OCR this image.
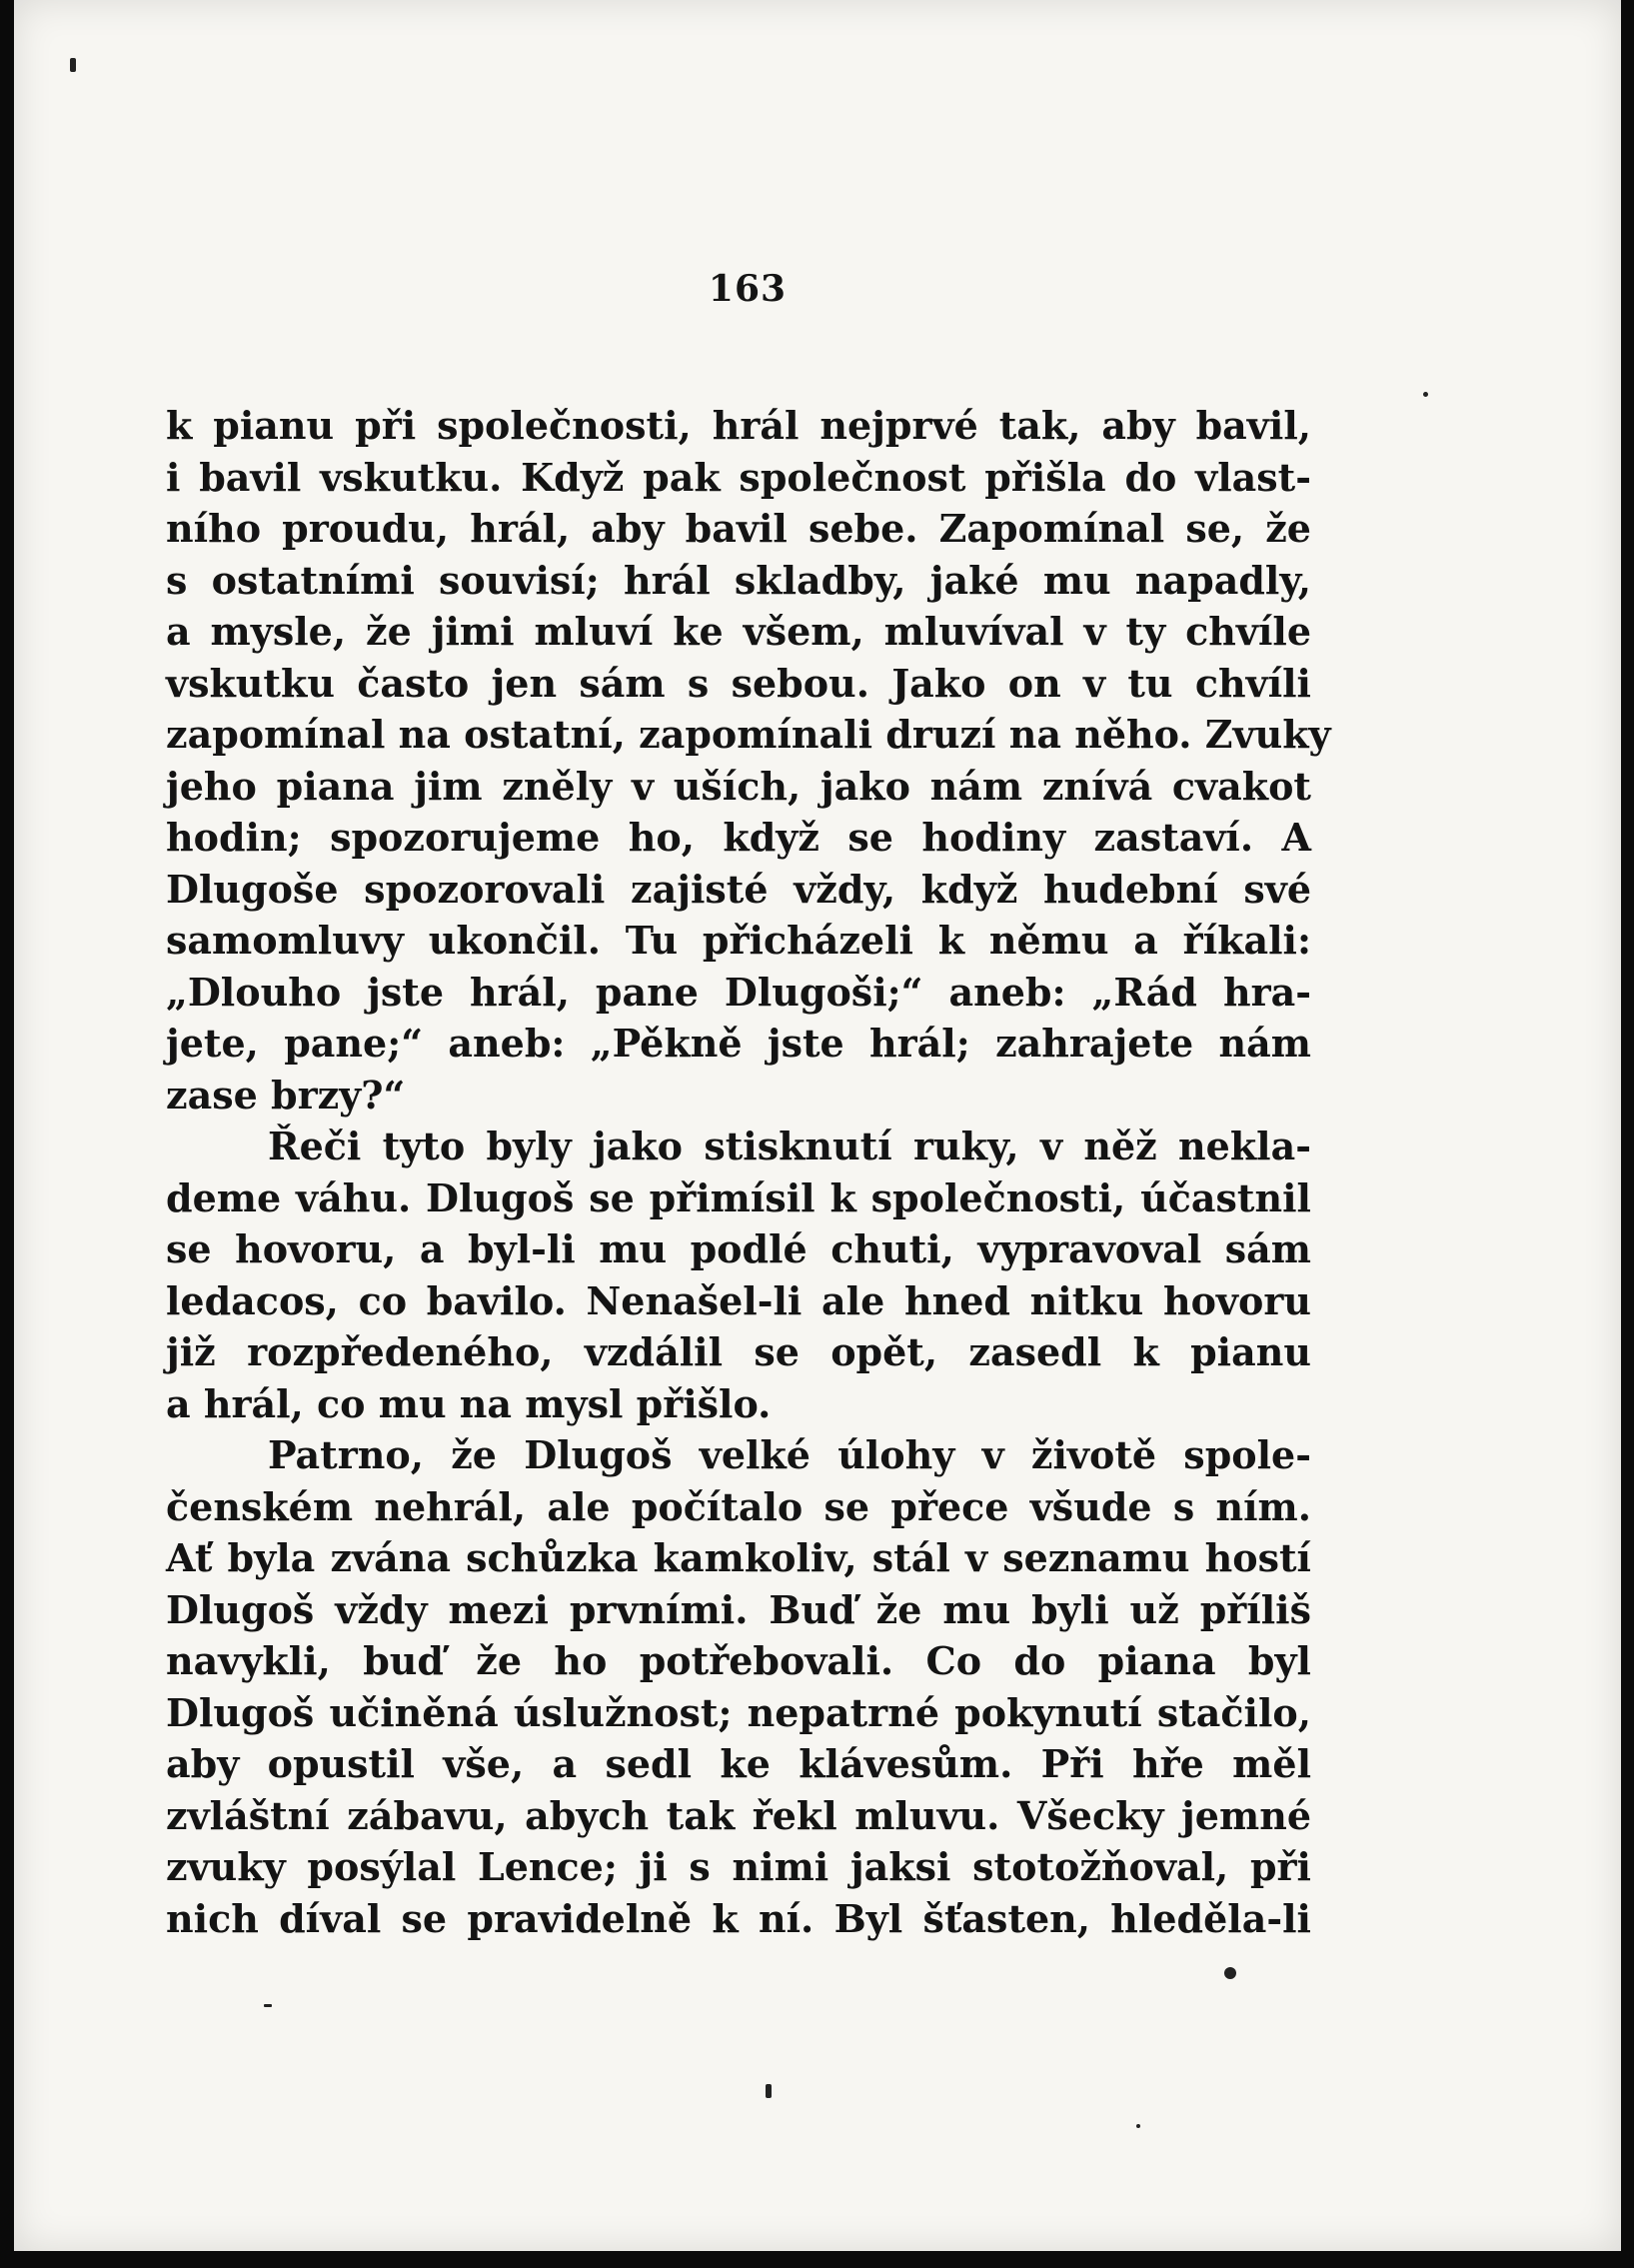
163
k pianu při společnosti, hrál nejprvé tak, aby bavil,
i bavil vskutku. Když pak společnost přišla do vlast-
ního proudu, hrál, aby bavil sebe. Zapomínal se, že
s ostatními souvisí; hrál skladby, jaké mu napadly,
a mysle, že jimi mluví ke všem, mluvíval v ty chvíle
vskutku často jen sám s sebou. Jako on v tu chvíli
zapomínal na ostatní, zapomínali druzí na něho. Zvuky
jeho piana jim zněly v uších, jako nám znívá cvakot
hodin; spozorujeme ho, když se hodiny zastaví. A
Dlugoše spozorovali zajisté vždy, když hudební své
samomluvy ukončil. Tu přicházeli k němu a říkali:
„Dlouho jste hrál, pane Dlugoši;“ aneb: „Rád hra-
jete, pane;“ aneb: „Pěkně jste hrál; zahrajete nám
zase brzy?“
Řeči tyto byly jako stisknutí ruky, v něž nekla-
deme váhu. Dlugoš se přimísil k společnosti, účastnil
se hovoru, a byl-li mu podlé chuti, vypravoval sám
ledacos, co bavilo. Nenašel-li ale hned nitku hovoru
již rozpředeného, vzdálil se opět, zasedl k pianu
a hrál, co mu na mysl přišlo.
Patrno, že Dlugoš velké úlohy v životě spole-
čenském nehrál, ale počítalo se přece všude s ním.
Ať byla zvána schůzka kamkoliv, stál v seznamu hostí
Dlugoš vždy mezi prvními. Buď že mu byli už příliš
navykli, buď že ho potřebovali. Co do piana byl
Dlugoš učiněná úslužnost; nepatrné pokynutí stačilo,
aby opustil vše, a sedl ke klávesům. Při hře měl
zvláštní zábavu, abych tak řekl mluvu. Všecky jemné
zvuky posýlal Lence; ji s nimi jaksi stotožňoval, při
nich díval se pravidelně k ní. Byl šťasten, hleděla-li
